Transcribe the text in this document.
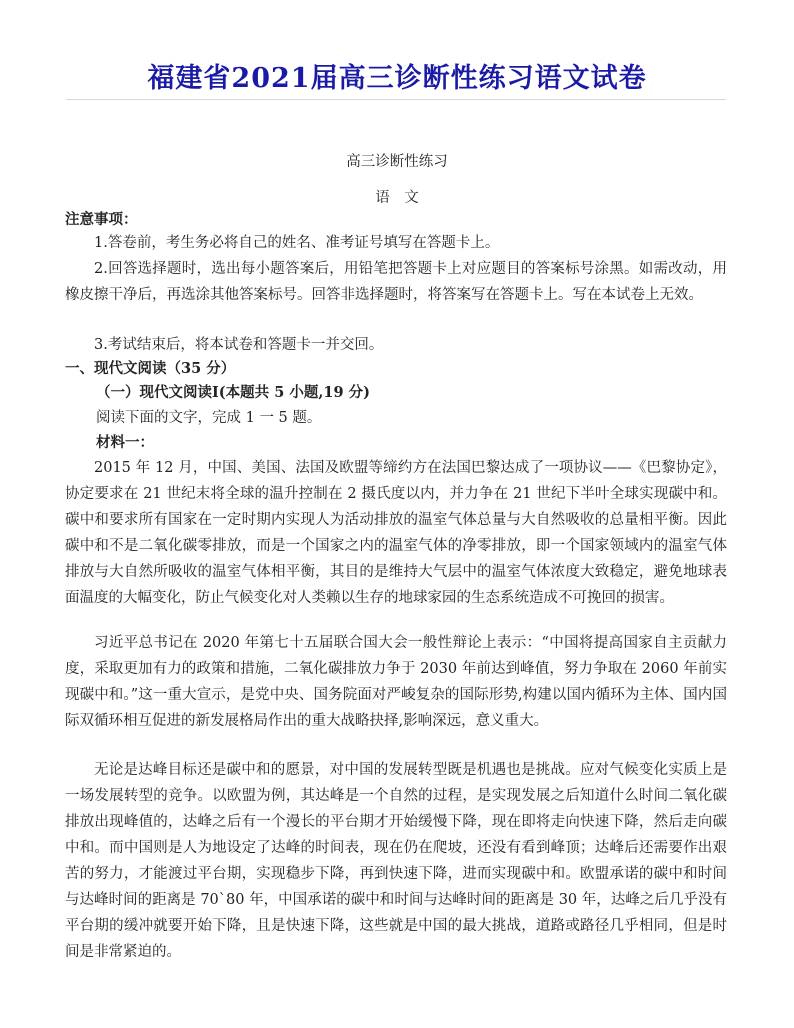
福建省2021届高三诊断性练习语文试卷
高三诊断性练习
语　文
注意事项：

1.答卷前，考生务必将自己的姓名、准考证号填写在答题卡上。

2.回答选择题时，选出每小题答案后，用铅笔把答题卡上对应题目的答案标号涂黑。如需改动，用橡皮擦干净后，再选涂其他答案标号。回答非选择题时，将答案写在答题卡上。写在本试卷上无效。

3.考试结束后，将本试卷和答题卡一并交回。

一、现代文阅读（35 分）
（一）现代文阅读Ⅰ(本题共 5 小题,19 分)
阅读下面的文字，完成 1 一 5 题。
材料一：

2015 年 12 月，中国、美国、法国及欧盟等缔约方在法国巴黎达成了一项协议——《巴黎协定》，协定要求在 21 世纪末将全球的温升控制在 2 摄氏度以内，并力争在 21 世纪下半叶全球实现碳中和。碳中和要求所有国家在一定时期内实现人为活动排放的温室气体总量与大自然吸收的总量相平衡。因此碳中和不是二氧化碳零排放，而是一个国家之内的温室气体的净零排放，即一个国家领域内的温室气体排放与大自然所吸收的温室气体相平衡，其目的是维持大气层中的温室气体浓度大致稳定，避免地球表面温度的大幅变化，防止气候变化对人类赖以生存的地球家园的生态系统造成不可挽回的损害。

习近平总书记在 2020 年第七十五届联合国大会一般性辩论上表示：“中国将提高国家自主贡献力度，采取更加有力的政策和措施，二氧化碳排放力争于 2030 年前达到峰值，努力争取在 2060 年前实现碳中和。”这一重大宣示，是党中央、国务院面对严峻复杂的国际形势,构建以国内循环为主体、国内国际双循环相互促进的新发展格局作出的重大战略抉择,影响深远，意义重大。

无论是达峰目标还是碳中和的愿景，对中国的发展转型既是机遇也是挑战。应对气候变化实质上是一场发展转型的竞争。以欧盟为例，其达峰是一个自然的过程，是实现发展之后知道什么时间二氧化碳排放出现峰值的，达峰之后有一个漫长的平台期才开始缓慢下降，现在即将走向快速下降，然后走向碳中和。而中国则是人为地设定了达峰的时间表，现在仍在爬坡，还没有看到峰顶；达峰后还需要作出艰苦的努力，才能渡过平台期，实现稳步下降，再到快速下降，进而实现碳中和。欧盟承诺的碳中和时间与达峰时间的距离是 70`80 年，中国承诺的碳中和时间与达峰时间的距离是 30 年，达峰之后几乎没有平台期的缓冲就要开始下降，且是快速下降，这些就是中国的最大挑战，道路或路径几乎相同，但是时间是非常紧迫的。
